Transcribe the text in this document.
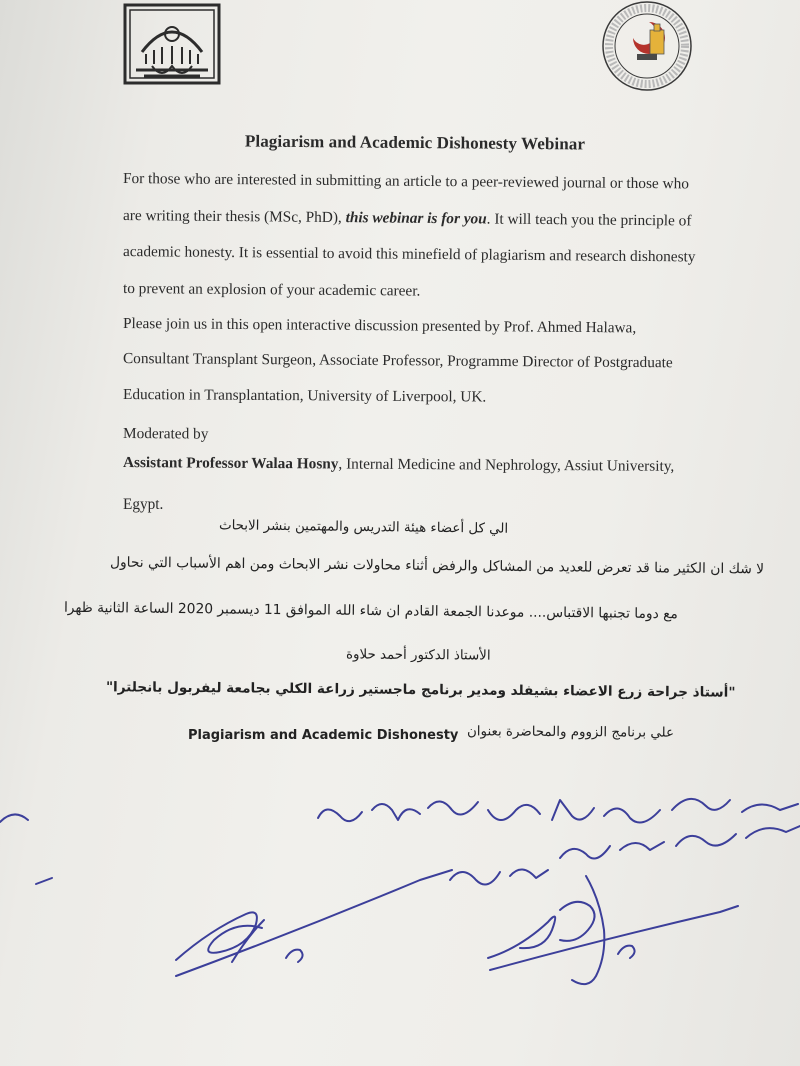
Plagiarism and Academic Dishonesty Webinar
For those who are interested in submitting an article to a peer-reviewed journal or those who
are writing their thesis (MSc, PhD), this webinar is for you. It will teach you the principle of
academic honesty. It is essential to avoid this minefield of plagiarism and research dishonesty
to prevent an explosion of your academic career.
Please join us in this open interactive discussion presented by Prof. Ahmed Halawa,
Consultant Transplant Surgeon, Associate Professor, Programme Director of Postgraduate
Education in Transplantation, University of Liverpool, UK.
Moderated by
Assistant Professor Walaa Hosny, Internal Medicine and Nephrology, Assiut University,
Egypt.
الي كل أعضاء هيئة التدريس والمهتمين بنشر الابحاث
لا شك ان الكثير منا قد تعرض للعديد من المشاكل والرفض أثناء محاولات نشر الابحاث ومن اهم الأسباب التي نحاول
مع دوما تجنبها الاقتباس.... موعدنا الجمعة القادم ان شاء الله الموافق 11 ديسمبر 2020 الساعة الثانية ظهرا
الأستاذ الدكتور أحمد حلاوة
"أستاذ جراحة زرع الاعضاء بشيفلد ومدير برنامج ماجستير زراعة الكلي بجامعة ليفربول بانجلترا"
علي برنامج الزووم والمحاضرة بعنوان
Plagiarism and Academic Dishonesty
